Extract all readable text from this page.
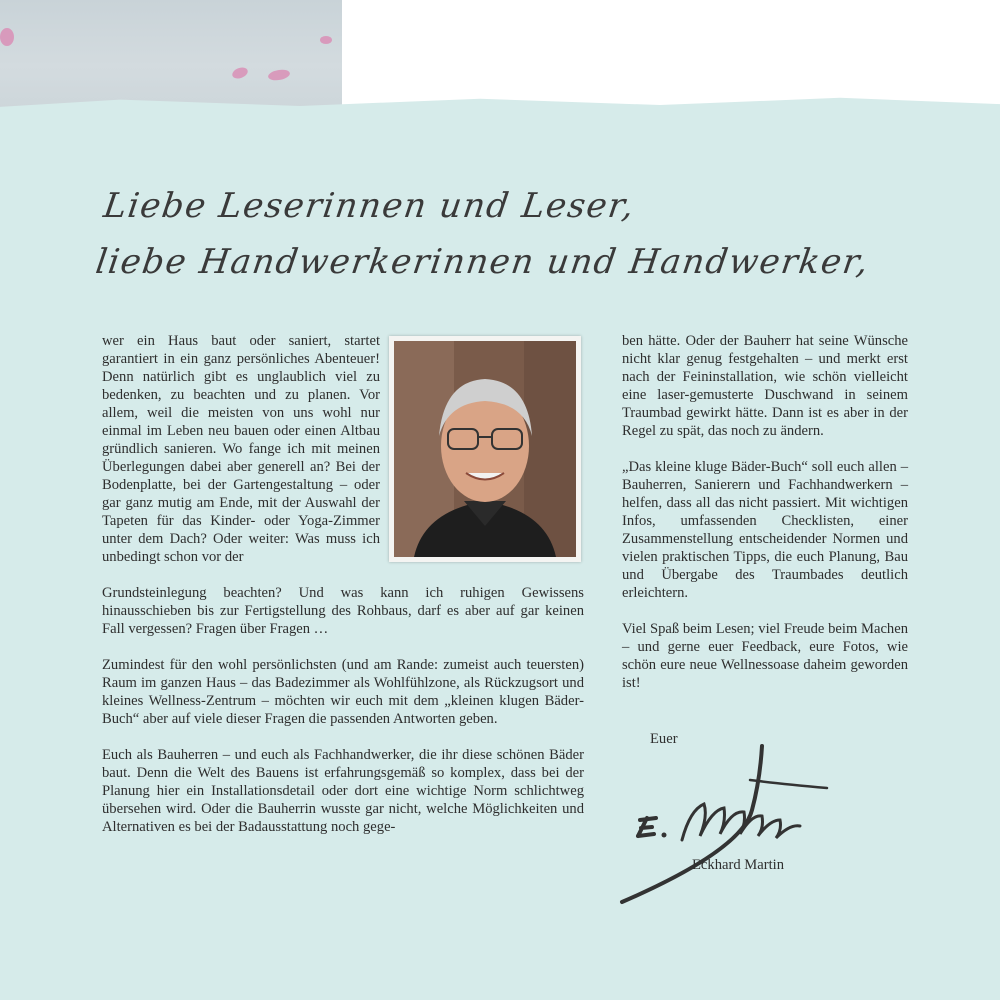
Liebe Leserinnen und Leser,
liebe Handwerkerinnen und Handwerker,

wer ein Haus baut oder saniert, startet garantiert in ein ganz persönliches Abenteuer! Denn natürlich gibt es unglaublich viel zu bedenken, zu beachten und zu planen. Vor allem, weil die meisten von uns wohl nur einmal im Leben neu bauen oder einen Altbau gründlich sanieren. Wo fange ich mit meinen Überlegungen dabei aber generell an? Bei der Bodenplatte, bei der Gartengestaltung – oder gar ganz mutig am Ende, mit der Auswahl der Tapeten für das Kinder- oder Yoga-Zimmer unter dem Dach? Oder weiter: Was muss ich unbedingt schon vor der

Grundsteinlegung beachten? Und was kann ich ruhigen Gewissens hinausschieben bis zur Fertigstellung des Rohbaus, darf es aber auf gar keinen Fall vergessen? Fragen über Fragen …

Zumindest für den wohl persönlichsten (und am Rande: zumeist auch teuersten) Raum im ganzen Haus – das Badezimmer als Wohlfühlzone, als Rückzugsort und kleines Wellness-Zentrum – möchten wir euch mit dem „kleinen klugen Bäder-Buch“ aber auf viele dieser Fragen die passenden Antworten geben.

Euch als Bauherren – und euch als Fachhandwerker, die ihr diese schönen Bäder baut. Denn die Welt des Bauens ist erfahrungsgemäß so komplex, dass bei der Planung hier ein Installationsdetail oder dort eine wichtige Norm schlichtweg übersehen wird. Oder die Bauherrin wusste gar nicht, welche Möglichkeiten und Alternativen es bei der Badausstattung noch gege-

ben hätte. Oder der Bauherr hat seine Wünsche nicht klar genug festgehalten – und merkt erst nach der Feininstallation, wie schön vielleicht eine laser-gemusterte Duschwand in seinem Traumbad gewirkt hätte. Dann ist es aber in der Regel zu spät, das noch zu ändern.

„Das kleine kluge Bäder-Buch“ soll euch allen – Bauherren, Sanierern und Fachhandwerkern – helfen, dass all das nicht passiert. Mit wichtigen Infos, umfassenden Checklisten, einer Zusammenstellung entscheidender Normen und vielen praktischen Tipps, die euch Planung, Bau und Übergabe des Traumbades deutlich erleichtern.

Viel Spaß beim Lesen; viel Freude beim Machen – und gerne euer Feedback, eure Fotos, wie schön eure neue Wellnessoase daheim geworden ist!

Euer
Eckhard Martin
